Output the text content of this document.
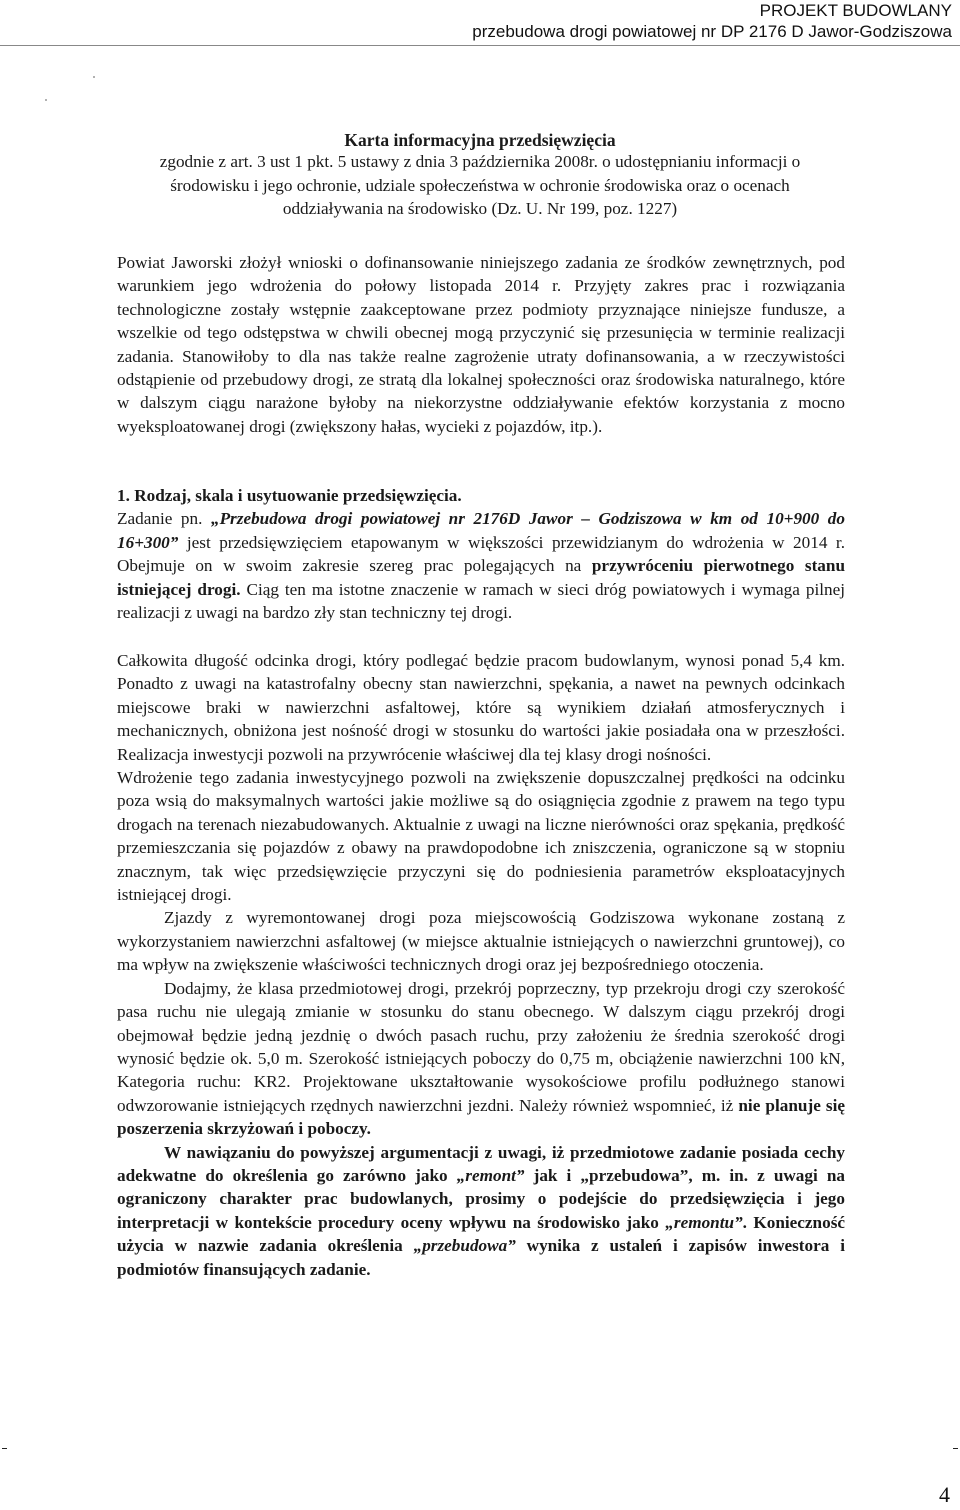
PROJEKT BUDOWLANY
przebudowa drogi powiatowej nr DP 2176 D Jawor-Godziszowa
Karta informacyjna przedsięwzięcia
zgodnie z art. 3 ust 1 pkt. 5 ustawy z dnia 3 października 2008r. o udostępnianiu informacji o środowisku i jego ochronie, udziale społeczeństwa w ochronie środowiska oraz o ocenach oddziaływania na środowisko (Dz. U. Nr 199, poz. 1227)

Powiat Jaworski złożył wnioski o dofinansowanie niniejszego zadania ze środków zewnętrznych, pod warunkiem jego wdrożenia do połowy listopada 2014 r. Przyjęty zakres prac i rozwiązania technologiczne zostały wstępnie zaakceptowane przez podmioty przyznające niniejsze fundusze, a wszelkie od tego odstępstwa w chwili obecnej mogą przyczynić się przesunięcia w terminie realizacji zadania. Stanowiłoby to dla nas także realne zagrożenie utraty dofinansowania, a w rzeczywistości odstąpienie od przebudowy drogi, ze stratą dla lokalnej społeczności oraz środowiska naturalnego, które w dalszym ciągu narażone byłoby na niekorzystne oddziaływanie efektów korzystania z mocno wyeksploatowanej drogi (zwiększony hałas, wycieki z pojazdów, itp.).

1. Rodzaj, skala i usytuowanie przedsięwzięcia.

Zadanie pn. „Przebudowa drogi powiatowej nr 2176D Jawor – Godziszowa w km od 10+900 do 16+300” jest przedsięwzięciem etapowanym w większości przewidzianym do wdrożenia w 2014 r. Obejmuje on w swoim zakresie szereg prac polegających na przywróceniu pierwotnego stanu istniejącej drogi. Ciąg ten ma istotne znaczenie w ramach w sieci dróg powiatowych i wymaga pilnej realizacji z uwagi na bardzo zły stan techniczny tej drogi.

Całkowita długość odcinka drogi, który podlegać będzie pracom budowlanym, wynosi ponad 5,4 km. Ponadto z uwagi na katastrofalny obecny stan nawierzchni, spękania, a nawet na pewnych odcinkach miejscowe braki w nawierzchni asfaltowej, które są wynikiem działań atmosferycznych i mechanicznych, obniżona jest nośność drogi w stosunku do wartości jakie posiadała ona w przeszłości. Realizacja inwestycji pozwoli na przywrócenie właściwej dla tej klasy drogi nośności.

Wdrożenie tego zadania inwestycyjnego pozwoli na zwiększenie dopuszczalnej prędkości na odcinku poza wsią do maksymalnych wartości jakie możliwe są do osiągnięcia zgodnie z prawem na tego typu drogach na terenach niezabudowanych. Aktualnie z uwagi na liczne nierówności oraz spękania, prędkość przemieszczania się pojazdów z obawy na prawdopodobne ich zniszczenia, ograniczone są w stopniu znacznym, tak więc przedsięwzięcie przyczyni się do podniesienia parametrów eksploatacyjnych istniejącej drogi.

Zjazdy z wyremontowanej drogi poza miejscowością Godziszowa wykonane zostaną z wykorzystaniem nawierzchni asfaltowej (w miejsce aktualnie istniejących o nawierzchni gruntowej), co ma wpływ na zwiększenie właściwości technicznych drogi oraz jej bezpośredniego otoczenia.

Dodajmy, że klasa przedmiotowej drogi, przekrój poprzeczny, typ przekroju drogi czy szerokość pasa ruchu nie ulegają zmianie w stosunku do stanu obecnego. W dalszym ciągu przekrój drogi obejmował będzie jedną jezdnię o dwóch pasach ruchu, przy założeniu że średnia szerokość drogi wynosić będzie ok. 5,0 m. Szerokość istniejących poboczy do 0,75 m, obciążenie nawierzchni 100 kN, Kategoria ruchu: KR2. Projektowane ukształtowanie wysokościowe profilu podłużnego stanowi odwzorowanie istniejących rzędnych nawierzchni jezdni. Należy również wspomnieć, iż nie planuje się poszerzenia skrzyżowań i poboczy.

W nawiązaniu do powyższej argumentacji z uwagi, iż przedmiotowe zadanie posiada cechy adekwatne do określenia go zarówno jako „remont” jak i „przebudowa”, m. in. z uwagi na ograniczony charakter prac budowlanych, prosimy o podejście do przedsięwzięcia i jego interpretacji w kontekście procedury oceny wpływu na środowisko jako „remontu”. Konieczność użycia w nazwie zadania określenia „przebudowa” wynika z ustaleń i zapisów inwestora i podmiotów finansujących zadanie.

4
